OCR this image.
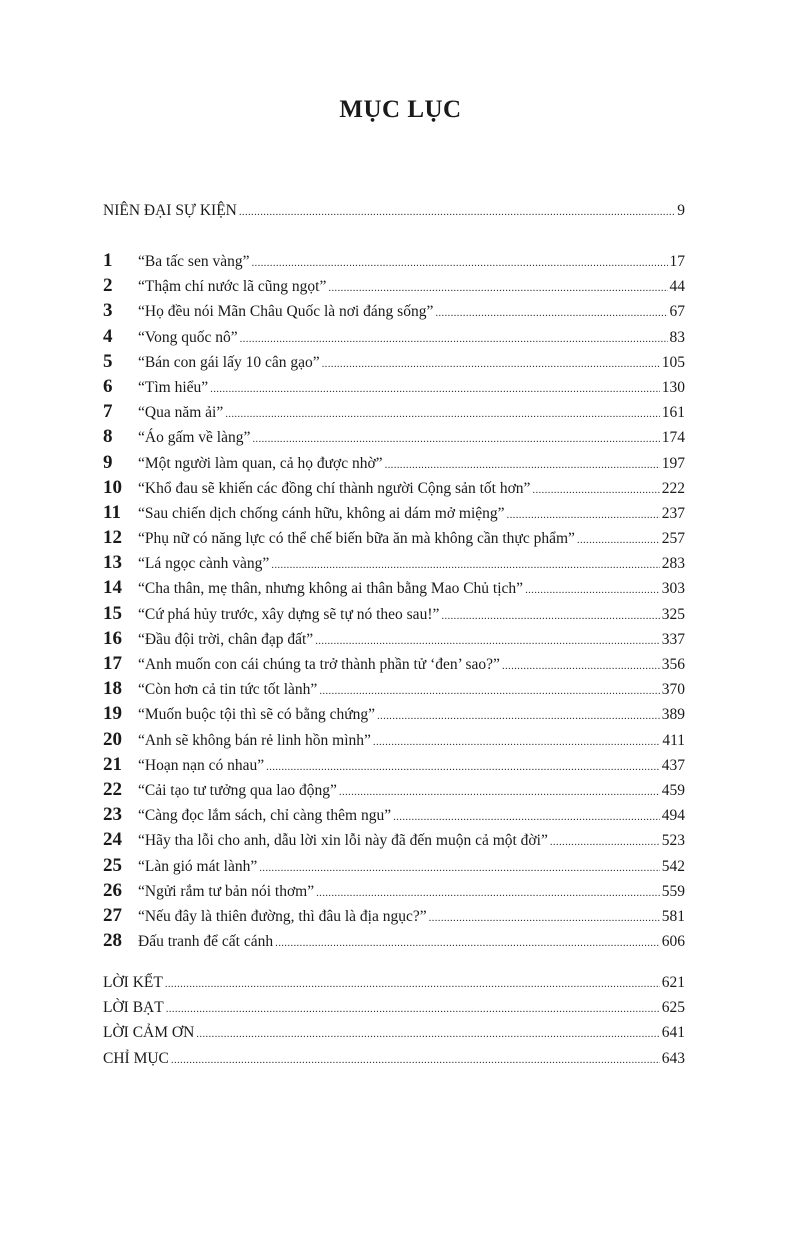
MỤC LỤC
NIÊN ĐẠI SỰ KIỆN .....	9
1	“Ba tấc sen vàng” .....	17
2	“Thậm chí nước lã cũng ngọt” .....	44
3	“Họ đều nói Mãn Châu Quốc là nơi đáng sống” .....	67
4	“Vong quốc nô” .....	83
5	“Bán con gái lấy 10 cân gạo” .....	105
6	“Tìm hiểu” .....	130
7	“Qua năm ải” .....	161
8	“Áo gấm về làng” .....	174
9	“Một người làm quan, cả họ được nhờ” .....	197
10	“Khổ đau sẽ khiến các đồng chí thành người Cộng sản tốt hơn” .....	222
11	“Sau chiến dịch chống cánh hữu, không ai dám mở miệng” .....	237
12	“Phụ nữ có năng lực có thể chế biến bữa ăn mà không cần thực phẩm” .....	257
13	“Lá ngọc cành vàng” .....	283
14	“Cha thân, mẹ thân, nhưng không ai thân bằng Mao Chủ tịch” .....	303
15	“Cứ phá hủy trước, xây dựng sẽ tự nó theo sau!” .....	325
16	“Đầu đội trời, chân đạp đất” .....	337
17	“Anh muốn con cái chúng ta trở thành phần tử ‘đen’ sao?” .....	356
18	“Còn hơn cả tin tức tốt lành” .....	370
19	“Muốn buộc tội thì sẽ có bằng chứng” .....	389
20	“Anh sẽ không bán rẻ linh hồn mình” .....	411
21	“Hoạn nạn có nhau” .....	437
22	“Cải tạo tư tưởng qua lao động” .....	459
23	“Càng đọc lắm sách, chỉ càng thêm ngu” .....	494
24	“Hãy tha lỗi cho anh, dẫu lời xin lỗi này đã đến muộn cả một đời” .....	523
25	“Làn gió mát lành” .....	542
26	“Ngửi rắm tư bản nói thơm” .....	559
27	“Nếu đây là thiên đường, thì đâu là địa ngục?” .....	581
28	Đấu tranh để cất cánh .....	606
LỜI KẾT .....	621
LỜI BẠT .....	625
LỜI CẢM ƠN .....	641
CHỈ MỤC .....	643
